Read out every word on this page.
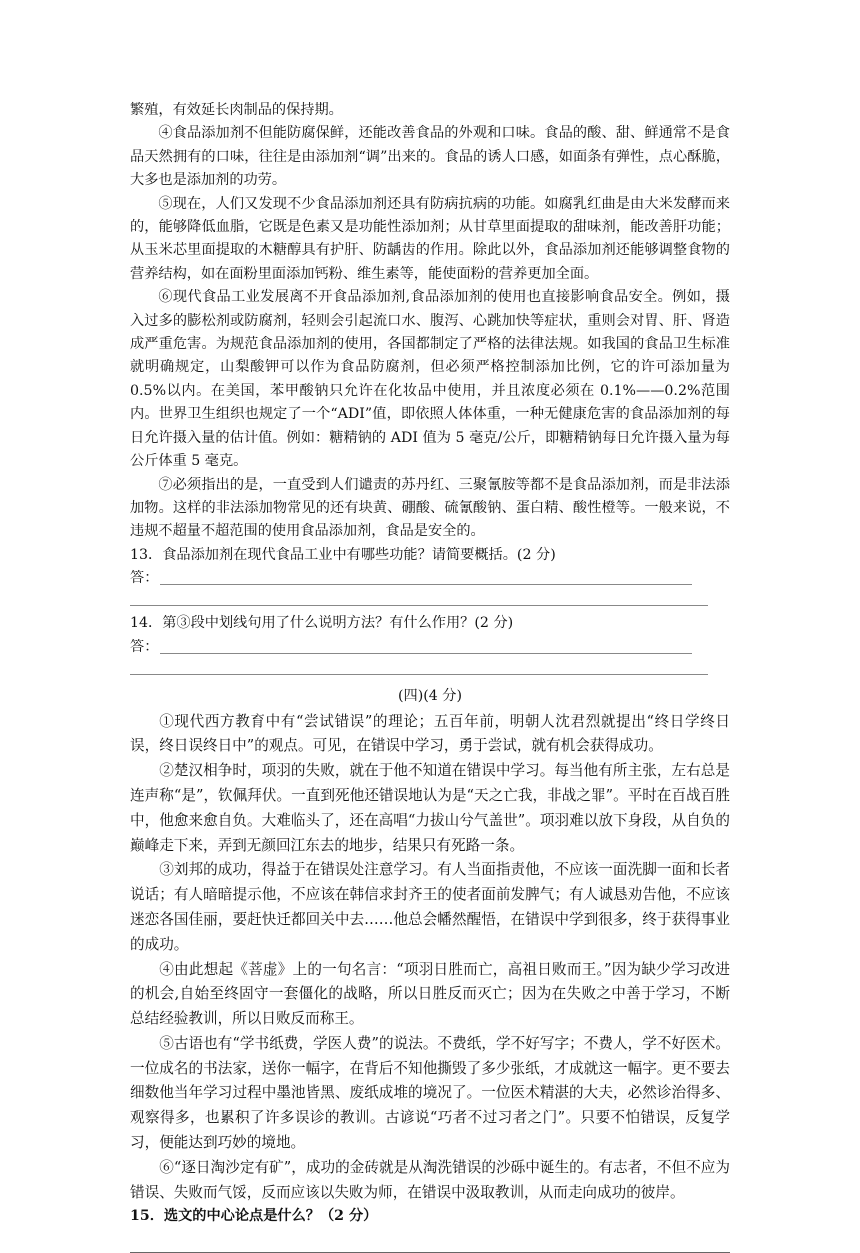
繁殖，有效延长肉制品的保持期。

④食品添加剂不但能防腐保鲜，还能改善食品的外观和口味。食品的酸、甜、鲜通常不是食品天然拥有的口味，往往是由添加剂“调”出来的。食品的诱人口感，如面条有弹性，点心酥脆，大多也是添加剂的功劳。

⑤现在，人们又发现不少食品添加剂还具有防病抗病的功能。如腐乳红曲是由大米发酵而来的，能够降低血脂，它既是色素又是功能性添加剂；从甘草里面提取的甜味剂，能改善肝功能；从玉米芯里面提取的木糖醇具有护肝、防龋齿的作用。除此以外，食品添加剂还能够调整食物的营养结构，如在面粉里面添加钙粉、维生素等，能使面粉的营养更加全面。

⑥现代食品工业发展离不开食品添加剂,食品添加剂的使用也直接影响食品安全。例如，摄入过多的膨松剂或防腐剂，轻则会引起流口水、腹泻、心跳加快等症状，重则会对胃、肝、肾造成严重危害。为规范食品添加剂的使用，各国都制定了严格的法律法规。如我国的食品卫生标准就明确规定，山梨酸钾可以作为食品防腐剂，但必须严格控制添加比例，它的许可添加量为 0.5%以内。在美国，苯甲酸钠只允许在化妆品中使用，并且浓度必须在 0.1%——0.2%范围内。世界卫生组织也规定了一个“ADI”值，即依照人体体重，一种无健康危害的食品添加剂的每日允许摄入量的估计值。例如：糖精钠的 ADI 值为 5 毫克/公斤，即糖精钠每日允许摄入量为每公斤体重 5 毫克。

⑦必须指出的是，一直受到人们谴责的苏丹红、三聚氰胺等都不是食品添加剂，而是非法添加物。这样的非法添加物常见的还有块黄、硼酸、硫氰酸钠、蛋白精、酸性橙等。一般来说，不违规不超量不超范围的使用食品添加剂，食品是安全的。

13．食品添加剂在现代食品工业中有哪些功能？请简要概括。(2 分)

答：

14．第③段中划线句用了什么说明方法？有什么作用？(2 分)

答：
(四)(4 分)

①现代西方教育中有“尝试错误”的理论；五百年前，明朝人沈君烈就提出“终日学终日误，终日误终日中”的观点。可见，在错误中学习，勇于尝试，就有机会获得成功。

②楚汉相争时，项羽的失败，就在于他不知道在错误中学习。每当他有所主张，左右总是连声称“是”，钦佩拜伏。一直到死他还错误地认为是“天之亡我，非战之罪”。平时在百战百胜中，他愈来愈自负。大难临头了，还在高唱“力拔山兮气盖世”。项羽难以放下身段，从自负的巅峰走下来，弄到无颜回江东去的地步，结果只有死路一条。

③刘邦的成功，得益于在错误处注意学习。有人当面指责他，不应该一面洗脚一面和长者说话；有人暗暗提示他，不应该在韩信求封齐王的使者面前发脾气；有人诚恳劝告他，不应该迷恋各国佳丽，要赶快迁都回关中去……他总会幡然醒悟，在错误中学到很多，终于获得事业的成功。

④由此想起《菩虚》上的一句名言：“项羽日胜而亡，高祖日败而王。”因为缺少学习改进的机会,自始至终固守一套僵化的战略，所以日胜反而灭亡；因为在失败之中善于学习，不断总结经验教训，所以日败反而称王。

⑤古语也有“学书纸费，学医人费”的说法。不费纸，学不好写字；不费人，学不好医术。一位成名的书法家，送你一幅字，在背后不知他撕毁了多少张纸，才成就这一幅字。更不要去细数他当年学习过程中墨池皆黑、废纸成堆的境况了。一位医术精湛的大夫，必然诊治得多、观察得多，也累积了许多误诊的教训。古谚说“巧者不过习者之门”。只要不怕错误，反复学习，便能达到巧妙的境地。

⑥“逐日淘沙定有矿”，成功的金砖就是从淘洗错误的沙砾中诞生的。有志者，不但不应为错误、失败而气馁，反而应该以失败为师，在错误中汲取教训，从而走向成功的彼岸。

15．选文的中心论点是什么？（2 分）
